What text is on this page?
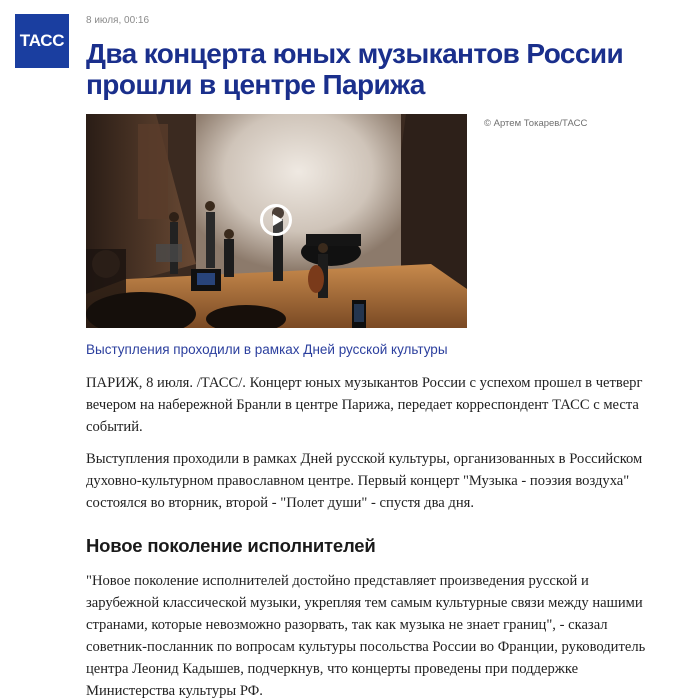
ТАСС
8 июля, 00:16
Два концерта юных музыкантов России прошли в центре Парижа
© Артем Токарев/ТАСС
Выступления проходили в рамках Дней русской культуры

ПАРИЖ, 8 июля. /ТАСС/. Концерт юных музыкантов России с успехом прошел в четверг вечером на набережной Бранли в центре Парижа, передает корреспондент ТАСС с места событий.

Выступления проходили в рамках Дней русской культуры, организованных в Российском духовно-культурном православном центре. Первый концерт "Музыка - поэзия воздуха" состоялся во вторник, второй - "Полет души" - спустя два дня.

Новое поколение исполнителей

"Новое поколение исполнителей достойно представляет произведения русской и зарубежной классической музыки, укрепляя тем самым культурные связи между нашими странами, которые невозможно разорвать, так как музыка не знает границ", - сказал советник-посланник по вопросам культуры посольства России во Франции, руководитель центра Леонид Кадышев, подчеркнув, что концерты проведены при поддержке Министерства культуры РФ.
